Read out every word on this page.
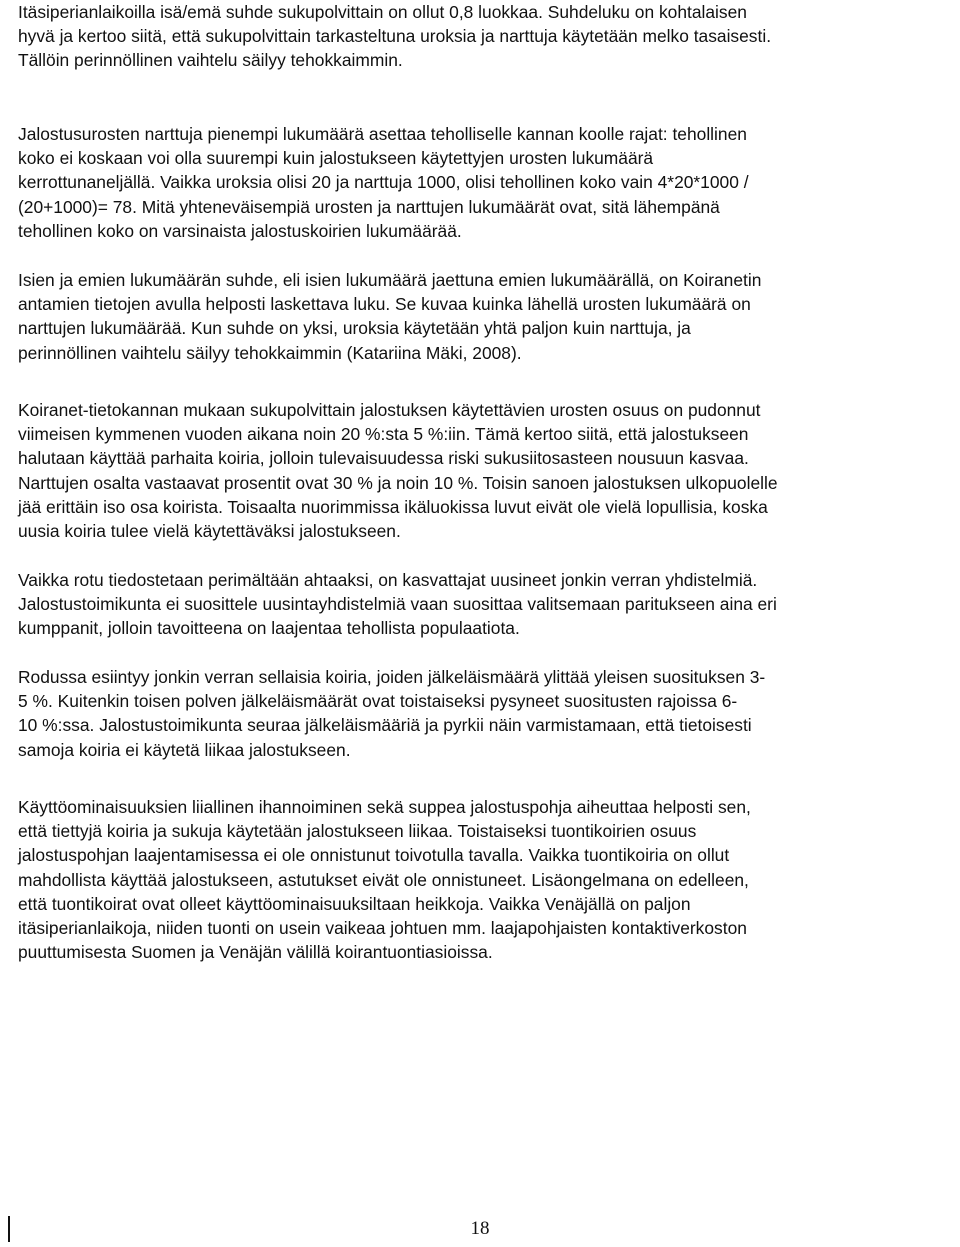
Itäsiperianlaikoilla isä/emä suhde sukupolvittain on ollut 0,8 luokkaa. Suhdeluku on kohtalaisen
hyvä ja kertoo siitä, että sukupolvittain tarkasteltuna uroksia ja narttuja käytetään melko tasaisesti.
Tällöin perinnöllinen vaihtelu säilyy tehokkaimmin.
Jalostusurosten narttuja pienempi lukumäärä asettaa teholliselle kannan koolle rajat: tehollinen
koko ei koskaan voi olla suurempi kuin jalostukseen käytettyjen urosten lukumäärä
kerrottunaneljällä. Vaikka uroksia olisi 20 ja narttuja 1000, olisi tehollinen koko vain 4*20*1000 /
(20+1000)= 78. Mitä yhteneväisempiä urosten ja narttujen lukumäärät ovat, sitä lähempänä
tehollinen koko on varsinaista jalostuskoirien lukumäärää.
Isien ja emien lukumäärän suhde, eli isien lukumäärä jaettuna emien lukumäärällä, on Koiranetin
antamien tietojen avulla helposti laskettava luku. Se kuvaa kuinka lähellä urosten lukumäärä on
narttujen lukumäärää. Kun suhde on yksi, uroksia käytetään yhtä paljon kuin narttuja, ja
perinnöllinen vaihtelu säilyy tehokkaimmin (Katariina Mäki, 2008).
Koiranet-tietokannan mukaan sukupolvittain jalostuksen käytettävien urosten osuus on pudonnut
viimeisen kymmenen vuoden aikana noin 20 %:sta 5 %:iin. Tämä kertoo siitä, että jalostukseen
halutaan käyttää parhaita koiria, jolloin tulevaisuudessa riski sukusiitosasteen nousuun kasvaa.
Narttujen osalta vastaavat prosentit ovat 30 % ja noin 10 %. Toisin sanoen jalostuksen ulkopuolelle
jää erittäin iso osa koirista. Toisaalta nuorimmissa ikäluokissa luvut eivät ole vielä lopullisia, koska
uusia koiria tulee vielä käytettäväksi jalostukseen.
Vaikka rotu tiedostetaan perimältään ahtaaksi, on kasvattajat uusineet jonkin verran yhdistelmiä.
Jalostustoimikunta ei suosittele uusintayhdistelmiä vaan suosittaa valitsemaan paritukseen aina eri
kumppanit, jolloin tavoitteena on laajentaa tehollista populaatiota.
Rodussa esiintyy jonkin verran sellaisia koiria, joiden jälkeläismäärä ylittää yleisen suosituksen 3-
5 %. Kuitenkin toisen polven jälkeläismäärät ovat toistaiseksi pysyneet suositusten rajoissa 6-
10 %:ssa. Jalostustoimikunta seuraa jälkeläismääriä ja pyrkii näin varmistamaan, että tietoisesti
samoja koiria ei käytetä liikaa jalostukseen.
Käyttöominaisuuksien liiallinen ihannoiminen sekä suppea jalostuspohja aiheuttaa helposti sen,
että tiettyjä koiria ja sukuja käytetään jalostukseen liikaa. Toistaiseksi tuontikoirien osuus
jalostuspohjan laajentamisessa ei ole onnistunut toivotulla tavalla. Vaikka tuontikoiria on ollut
mahdollista käyttää jalostukseen, astutukset eivät ole onnistuneet. Lisäongelmana on edelleen,
että tuontikoirat ovat olleet käyttöominaisuuksiltaan heikkoja. Vaikka Venäjällä on paljon
itäsiperianlaikoja, niiden tuonti on usein vaikeaa johtuen mm. laajapohjaisten kontaktiverkoston
puuttumisesta Suomen ja Venäjän välillä koirantuontiasioissa.
18
